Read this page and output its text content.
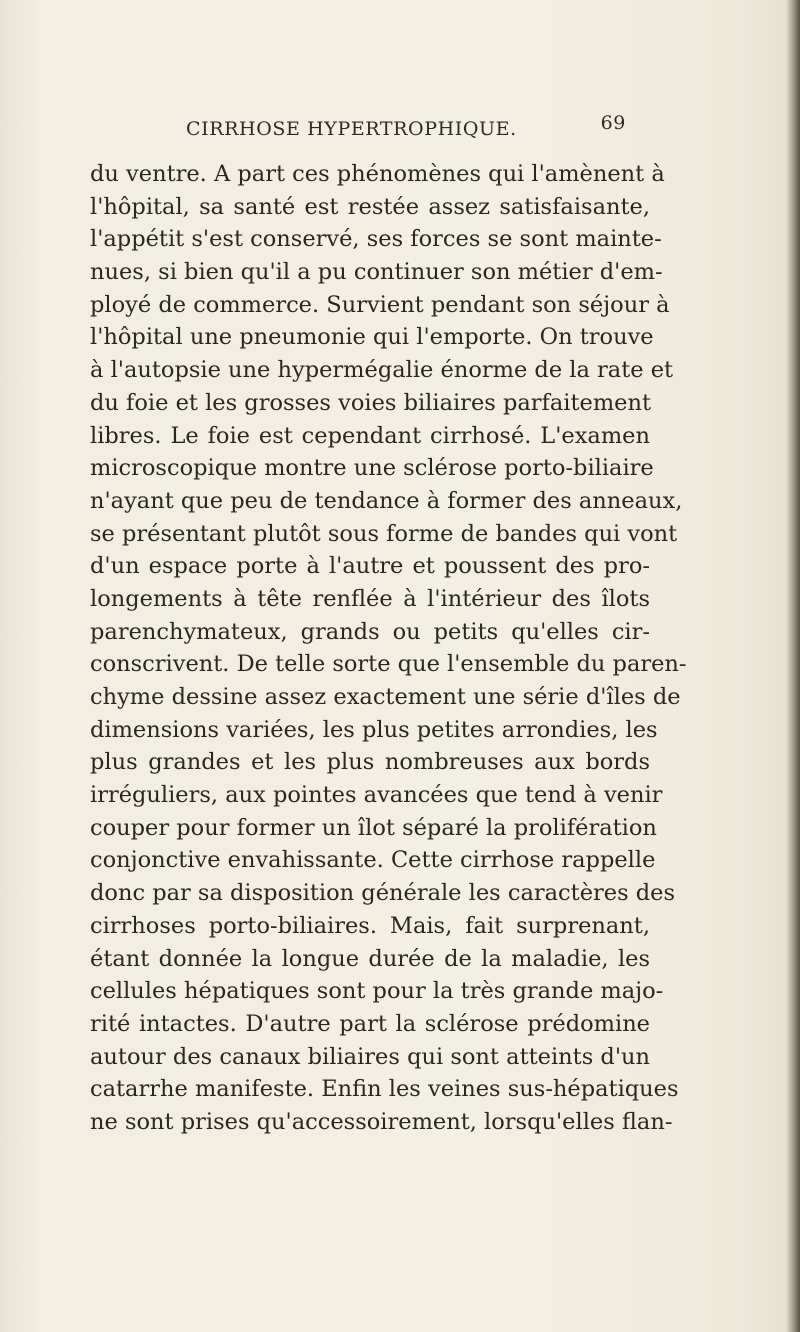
CIRRHOSE HYPERTROPHIQUE.	69
du ventre. A part ces phénomènes qui l'amènent à
l'hôpital, sa santé est restée assez satisfaisante,
l'appétit s'est conservé, ses forces se sont mainte-
nues, si bien qu'il a pu continuer son métier d'em-
ployé de commerce. Survient pendant son séjour à
l'hôpital une pneumonie qui l'emporte. On trouve
à l'autopsie une hypermégalie énorme de la rate et
du foie et les grosses voies biliaires parfaitement
libres. Le foie est cependant cirrhosé. L'examen
microscopique montre une sclérose porto-biliaire
n'ayant que peu de tendance à former des anneaux,
se présentant plutôt sous forme de bandes qui vont
d'un espace porte à l'autre et poussent des pro-
longements à tête renflée à l'intérieur des îlots
parenchymateux, grands ou petits qu'elles cir-
conscrivent. De telle sorte que l'ensemble du paren-
chyme dessine assez exactement une série d'îles de
dimensions variées, les plus petites arrondies, les
plus grandes et les plus nombreuses aux bords
irréguliers, aux pointes avancées que tend à venir
couper pour former un îlot séparé la prolifération
conjonctive envahissante. Cette cirrhose rappelle
donc par sa disposition générale les caractères des
cirrhoses porto-biliaires. Mais, fait surprenant,
étant donnée la longue durée de la maladie, les
cellules hépatiques sont pour la très grande majo-
rité intactes. D'autre part la sclérose prédomine
autour des canaux biliaires qui sont atteints d'un
catarrhe manifeste. Enfin les veines sus-hépatiques
ne sont prises qu'accessoirement, lorsqu'elles flan-
